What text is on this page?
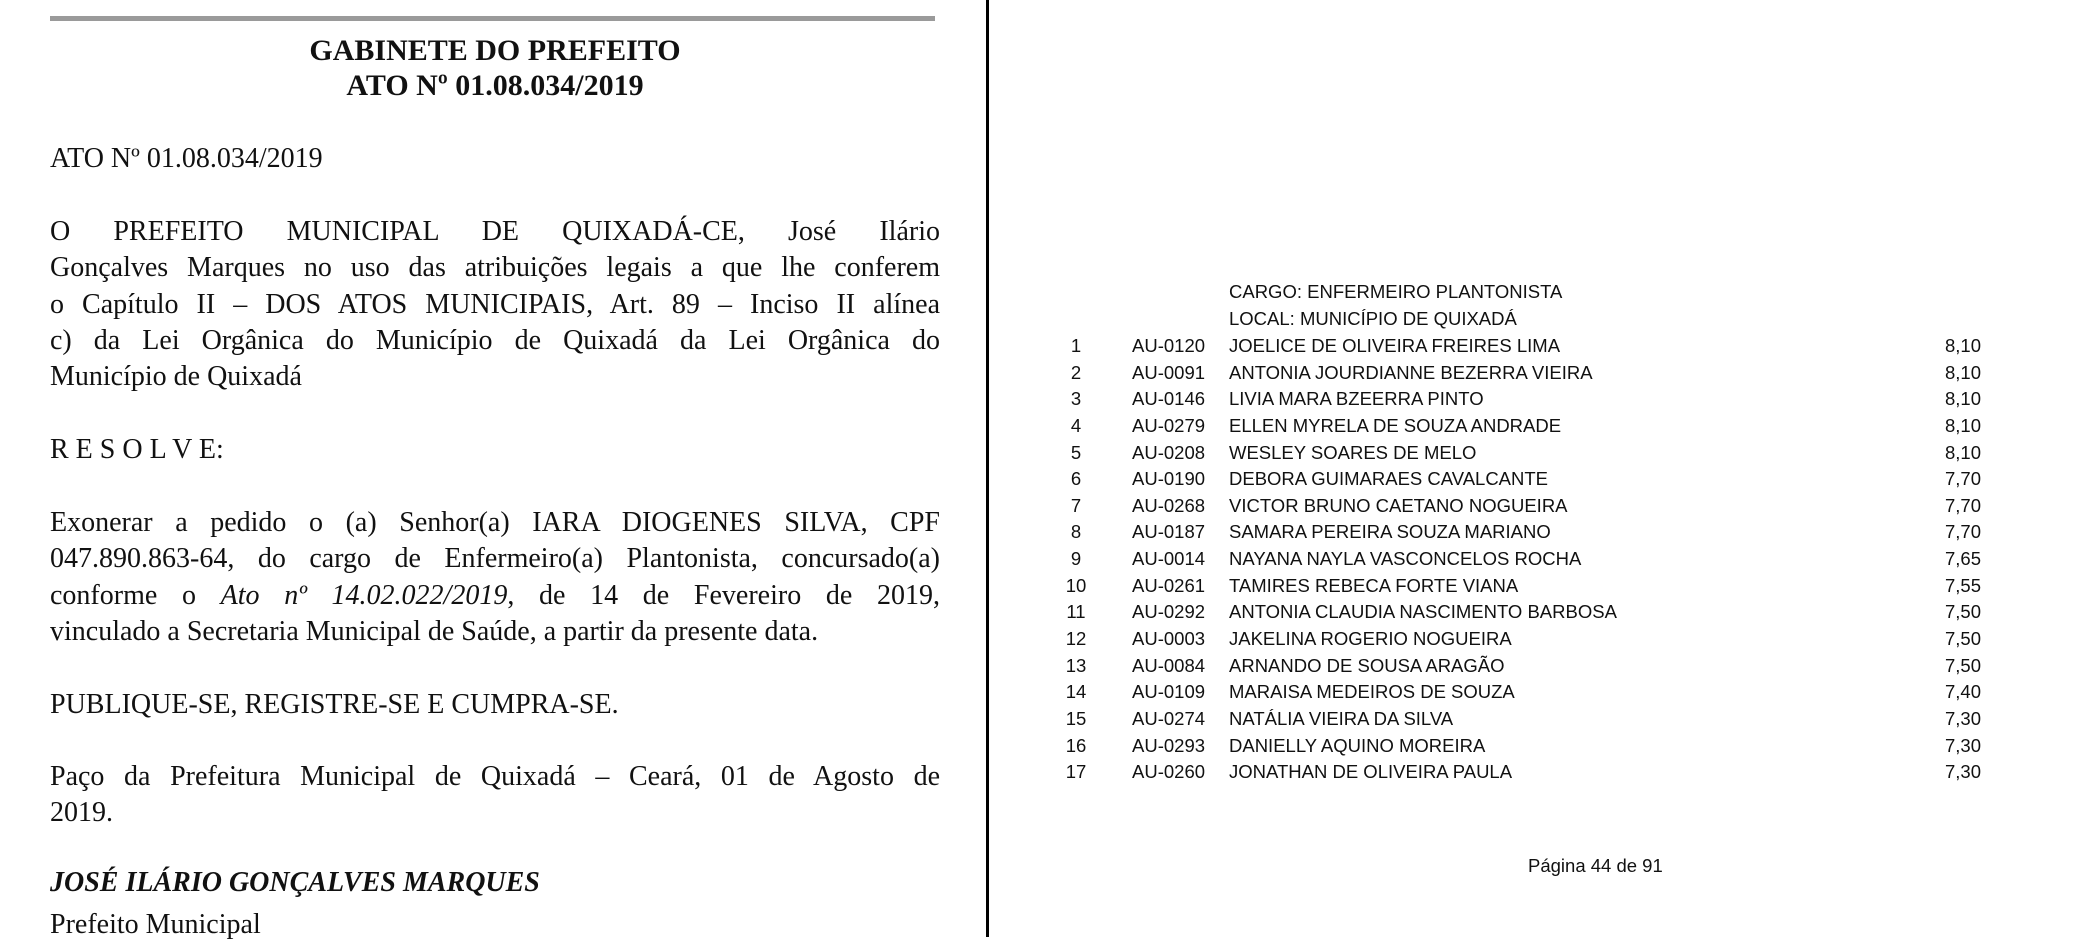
GABINETE DO PREFEITO
ATO Nº 01.08.034/2019
ATO Nº 01.08.034/2019
O PREFEITO MUNICIPAL DE QUIXADÁ-CE, José Ilário
Gonçalves Marques no uso das atribuições legais a que lhe conferem
o Capítulo II – DOS ATOS MUNICIPAIS, Art. 89 – Inciso II alínea
c) da Lei Orgânica do Município de Quixadá da Lei Orgânica do
Município de Quixadá
R E S O L V E:
Exonerar a pedido o (a) Senhor(a) IARA DIOGENES SILVA, CPF
047.890.863-64, do cargo de Enfermeiro(a) Plantonista, concursado(a)
conforme o Ato nº 14.02.022/2019, de 14 de Fevereiro de 2019,
vinculado a Secretaria Municipal de Saúde, a partir da presente data.
PUBLIQUE-SE, REGISTRE-SE E CUMPRA-SE.
Paço da Prefeitura Municipal de Quixadá – Ceará, 01 de Agosto de
2019.
JOSÉ ILÁRIO GONÇALVES MARQUES
Prefeito Municipal
CARGO: ENFERMEIRO PLANTONISTA
LOCAL: MUNICÍPIO DE QUIXADÁ
1	AU-0120 JOELICE DE OLIVEIRA FREIRES LIMA	8,10
2	AU-0091 ANTONIA JOURDIANNE BEZERRA VIEIRA	8,10
3	AU-0146 LIVIA MARA BZEERRA PINTO	8,10
4	AU-0279 ELLEN MYRELA DE SOUZA ANDRADE	8,10
5	AU-0208 WESLEY SOARES DE MELO	8,10
6	AU-0190 DEBORA GUIMARAES CAVALCANTE	7,70
7	AU-0268 VICTOR BRUNO CAETANO NOGUEIRA	7,70
8	AU-0187 SAMARA PEREIRA SOUZA MARIANO	7,70
9	AU-0014 NAYANA NAYLA VASCONCELOS ROCHA	7,65
10	AU-0261 TAMIRES REBECA FORTE VIANA	7,55
11	AU-0292 ANTONIA CLAUDIA NASCIMENTO BARBOSA	7,50
12	AU-0003 JAKELINA ROGERIO NOGUEIRA	7,50
13	AU-0084 ARNANDO DE SOUSA ARAGÃO	7,50
14	AU-0109 MARAISA MEDEIROS DE SOUZA	7,40
15	AU-0274 NATÁLIA VIEIRA DA SILVA	7,30
16	AU-0293 DANIELLY AQUINO MOREIRA	7,30
17	AU-0260 JONATHAN DE OLIVEIRA PAULA	7,30
Página 44 de 91
